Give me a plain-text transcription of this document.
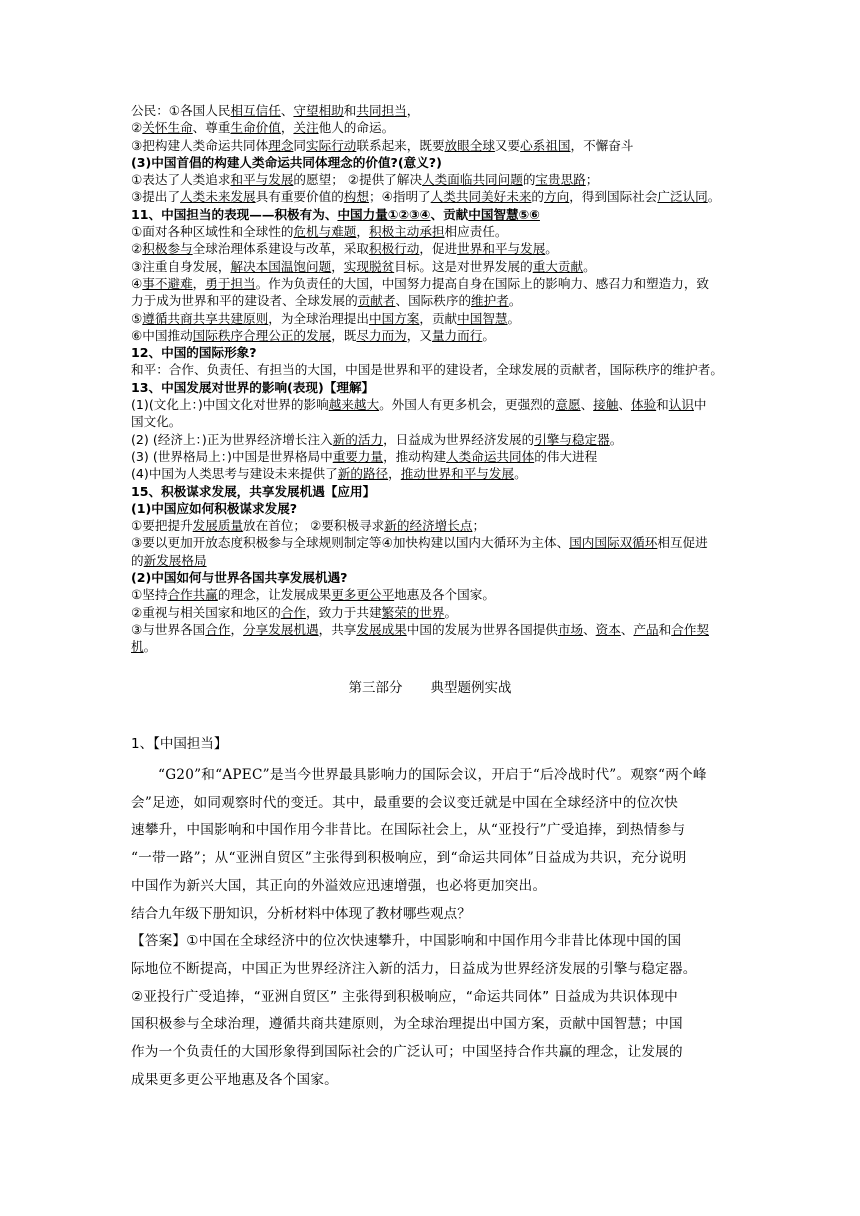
公民：①各国人民相互信任、守望相助和共同担当，
②关怀生命、尊重生命价值，关注他人的命运。
③把构建人类命运共同体理念同实际行动联系起来，既要放眼全球又要心系祖国，不懈奋斗
(3)中国首倡的构建人类命运共同体理念的价值?(意义?)
①表达了人类追求和平与发展的愿望； ②提供了解决人类面临共同问题的宝贵思路；
③提出了人类未来发展具有重要价值的构想；④指明了人类共同美好未来的方向，得到国际社会广泛认同。
11、中国担当的表现——积极有为、中国力量①②③④、贡献中国智慧⑤⑥
①面对各种区域性和全球性的危机与难题，积极主动承担相应责任。
②积极参与全球治理体系建设与改革，采取积极行动，促进世界和平与发展。
③注重自身发展，解决本国温饱问题，实现脱贫目标。这是对世界发展的重大贡献。
④事不避难，勇于担当。作为负责任的大国，中国努力提高自身在国际上的影响力、感召力和塑造力，致
力于成为世界和平的建设者、全球发展的贡献者、国际秩序的维护者。
⑤遵循共商共享共建原则，为全球治理提出中国方案，贡献中国智慧。
⑥中国推动国际秩序合理公正的发展，既尽力而为，又量力而行。
12、中国的国际形象?
和平：合作、负责任、有担当的大国，中国是世界和平的建设者，全球发展的贡献者，国际秩序的维护者。
13、中国发展对世界的影响(表现)【理解】
(1)(文化上：)中国文化对世界的影响越来越大。外国人有更多机会，更强烈的意愿、接触、体验和认识中
国文化。
(2) (经济上：)正为世界经济增长注入新的活力，日益成为世界经济发展的引擎与稳定器。
(3) (世界格局上：)中国是世界格局中重要力量，推动构建人类命运共同体的伟大进程
(4)中国为人类思考与建设未来提供了新的路径，推动世界和平与发展。
15、积极谋求发展，共享发展机遇【应用】
(1)中国应如何积极谋求发展?
①要把提升发展质量放在首位； ②要积极寻求新的经济增长点；
③要以更加开放态度积极参与全球规则制定等④加快构建以国内大循环为主体、国内国际双循环相互促进
的新发展格局
(2)中国如何与世界各国共享发展机遇?
①坚持合作共赢的理念，让发展成果更多更公平地惠及各个国家。
②重视与相关国家和地区的合作，致力于共建繁荣的世界。
③与世界各国合作，分享发展机遇，共享发展成果中国的发展为世界各国提供市场、资本、产品和合作契
机。
第三部分 典型题例实战
1、【中国担当】
“G20”和“APEC”是当今世界最具影响力的国际会议，开启于“后冷战时代”。观察“两个峰
会”足迹，如同观察时代的变迁。其中，最重要的会议变迁就是中国在全球经济中的位次快
速攀升，中国影响和中国作用今非昔比。在国际社会上，从“亚投行”广受追捧，到热情参与
“一带一路”；从“亚洲自贸区”主张得到积极响应，到“命运共同体”日益成为共识，充分说明
中国作为新兴大国，其正向的外溢效应迅速增强，也必将更加突出。
结合九年级下册知识，分析材料中体现了教材哪些观点？
【答案】①中国在全球经济中的位次快速攀升，中国影响和中国作用今非昔比体现中国的国
际地位不断提高，中国正为世界经济注入新的活力，日益成为世界经济发展的引擎与稳定器。
②亚投行广受追捧，“亚洲自贸区” 主张得到积极响应，“命运共同体” 日益成为共识体现中
国积极参与全球治理，遵循共商共建原则，为全球治理提出中国方案，贡献中国智慧；中国
作为一个负责任的大国形象得到国际社会的广泛认可；中国坚持合作共赢的理念，让发展的
成果更多更公平地惠及各个国家。
